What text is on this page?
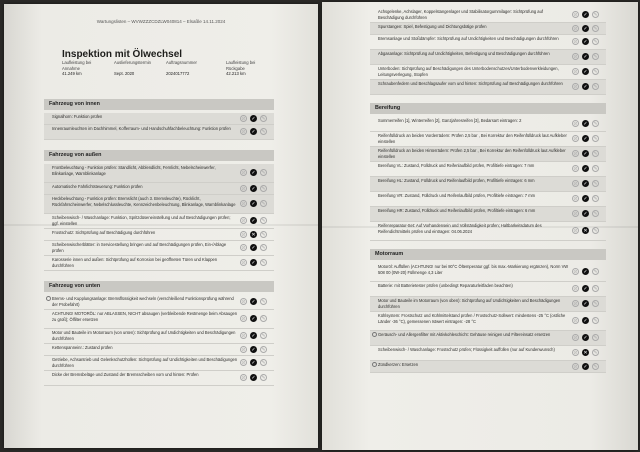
Wartungslisten – WVWZZZCDZLW040814 – Elsaßle 14.11.2024
Inspektion mit Ölwechsel
Laufleistung bei Annahme
41.249 km
Auslieferungstermin
Sept. 2020
Auftragsnummer
2024017772
Laufleistung bei Rückgabe
42.213 km
Fahrzeug von innen
Signalhorn: Funktion prüfen	⊘ ✓ ✎
Innenraumleuchten im Dachhimmel, Kofferraum- und Handschuhfachbeleuchtung: Funktion prüfen
⊘ ✓ ✎
Fahrzeug von außen
Frontbeleuchtung - Funktion prüfen: Standlicht, Abblendlicht, Fernlicht, Nebelscheinwerfer, Blinkanlage, Warnblinkanlage	⊘ ✓ ✎
Automatische Fahrlichtsteuerung: Funktion prüfen	⊘ ✓ ✎
Heckbeleuchtung - Funktion prüfen: Bremslicht (auch 3. Bremsleuchte), Rücklicht, Rückfahrscheinwerfer, Nebelschlussleuchte, Kennzeichenbeleuchtung, Blinkanlage, Warnblinkanlage	⊘ ✓ ✎
Scheibenwisch- / Waschanlage: Funktion, Spritzdüseneinstellung und auf Beschädigungen prüfen; ggf. einstellen	⊘ ✓ ✎
Frostschutz: Sichtprüfung auf Beschädigung durchführen	⊘ ✕ ✎
Scheibenwischerblätter: in Servicestellung bringen und auf Beschädigungen prüfen, Ein-/Ablage prüfen	⊘ ✓ ✎
Karosserie innen und außen: Sichtprüfung auf Korrosion bei geöffneten Türen und Klappen durchführen	⊘ ✓ ✎
Fahrzeug von unten
Brems- und Kupplungsanlage: Bremsflüssigkeit wechseln (verschleißend Funktionsprüfung während der Probefahrt)	⊘ ✓ ✎
ACHTUNG! MOTORÖL: nur ABLASSEN, NICHT absaugen (verbleibende Restmenge beim Absaugen zu groß); Ölfilter ersetzen	⊘ ✓ ✎
Motor und Bauteile im Motorraum (von unten): Sichtprüfung auf Undichtigkeiten und Beschädigungen durchführen	⊘ ✓ ✎
Kettenspanneinr.: Zustand prüfen	⊘ ✓ ✎
Getriebe, Achsantrieb und Gelenkschutzhüllen: Sichtprüfung auf Undichtigkeiten und Beschädigungen durchführen	⊘ ✓ ✎
Dicke der Bremsbeläge und Zustand der Bremsscheiben vorn und hinten: Prüfen
⊘ ✓ ✎
Achsgelenke, Achslager, Koppelstangenlager und Stabilisatorgummilager: Sichtprüfung auf Beschädigung durchführen	⊘ ✓ ✎
Spurstangen: Spiel, Befestigung und Dichtungsbälge prüfen	⊘ ✓ ✎
Bremsanlage und Stoßdämpfer: Sichtprüfung auf Undichtigkeiten und Beschädigungen durchführen
⊘ ✓ ✎
Abgasanlage: Sichtprüfung auf Undichtigkeiten, Befestigung und Beschädigungen durchführen
⊘ ✓ ✎
Unterboden: Sichtprüfung auf Beschädigungen des Unterbodenschutzes/Unterbodenverkleidungen, Leitungsverlegung, Stopfen	⊘ ✓ ✎
Schraubenfedern und Beschlagsaufer vorn und hinten: Sichtprüfung auf Beschädigungen durchführen
⊘ ✓ ✎
Bereifung
Sommerreifen [1], Winterreifen [2], Ganzjahresreifen [3], Bedarsart eintragen: 2
⊘ ✓ ✎
Reifenfülldruck an beiden Vorderrädern: Prüfen 2,5 bar , Bei Korrektur den Reifenfülldruck laut Aufkleber einstellen	⊘ ✓ ✎
Reifenfülldruck an beiden Hinterrädern: Prüfen 2,5 bar , Bei Korrektur den Reifenfülldruck laut Aufkleber einstellen	⊘ ✓ ✎
Bereifung VL: Zustand, Fülldruck und Reifenlaufbild prüfen, Profiltiefe eintragen: 7 mm
⊘ ✓ ✎
Bereifung HL: Zustand, Fülldruck und Reifenlaufbild prüfen, Profiltiefe eintragen: 6 mm
⊘ ✓ ✎
Bereifung VR: Zustand, Fülldruck und Reifenlaufbild prüfen, Profiltiefe eintragen: 7 mm
⊘ ✓ ✎
Bereifung HR: Zustand, Fülldruck und Reifenlaufbild prüfen, Profiltiefe eintragen: 6 mm
⊘ ✓ ✎
Reifenreparatur-Set: Auf Vorhandensein und Vollständigkeit prüfen; Haltbarkeitsdatum des Reifendichtmittels prüfen und eintragen: 04.06.2024	⊘ ✕ ✎
Motorraum
Motoröl: Auffüllen (ACHTUNG! nur bei 80°C Öltemperatur ggf. bis max.-Markierung ergänzen), Norm VW 508 00 (0W-20) Füllmenge 4,3 Liter	⊘ ✓ ✎
Batterie: mit Batterietester prüfen (unbedingt Reparaturleitfaden beachten)
⊘ ✓ ✎
Motor und Bauteile im Motorraum (von oben): Sichtprüfung auf Undichtigkeiten und Beschädigungen durchführen	⊘ ✓ ✎
Kühlsystem: Frostschutz und Kühlmittelstand prüfen / Frostschutz-Sollwert: mindestens -25 °C (ostliche Länder -36 °C), gemessenen Istwert eintragen: -28 °C	⊘ ✓ ✎
Geräusch- und Allergenfilter mit Aktivkohleschicht: Gehäuse reinigen und Filtereinsatz ersetzen
⊘ ✓ ✎
Scheibenwisch- / Waschanlage: Frostschutz prüfen; Flüssigkeit auffüllen (nur auf Kundenwunsch)
⊘ ✕ ✎
Zündkerzen: Ersetzen	⊘ ✓ ✎
